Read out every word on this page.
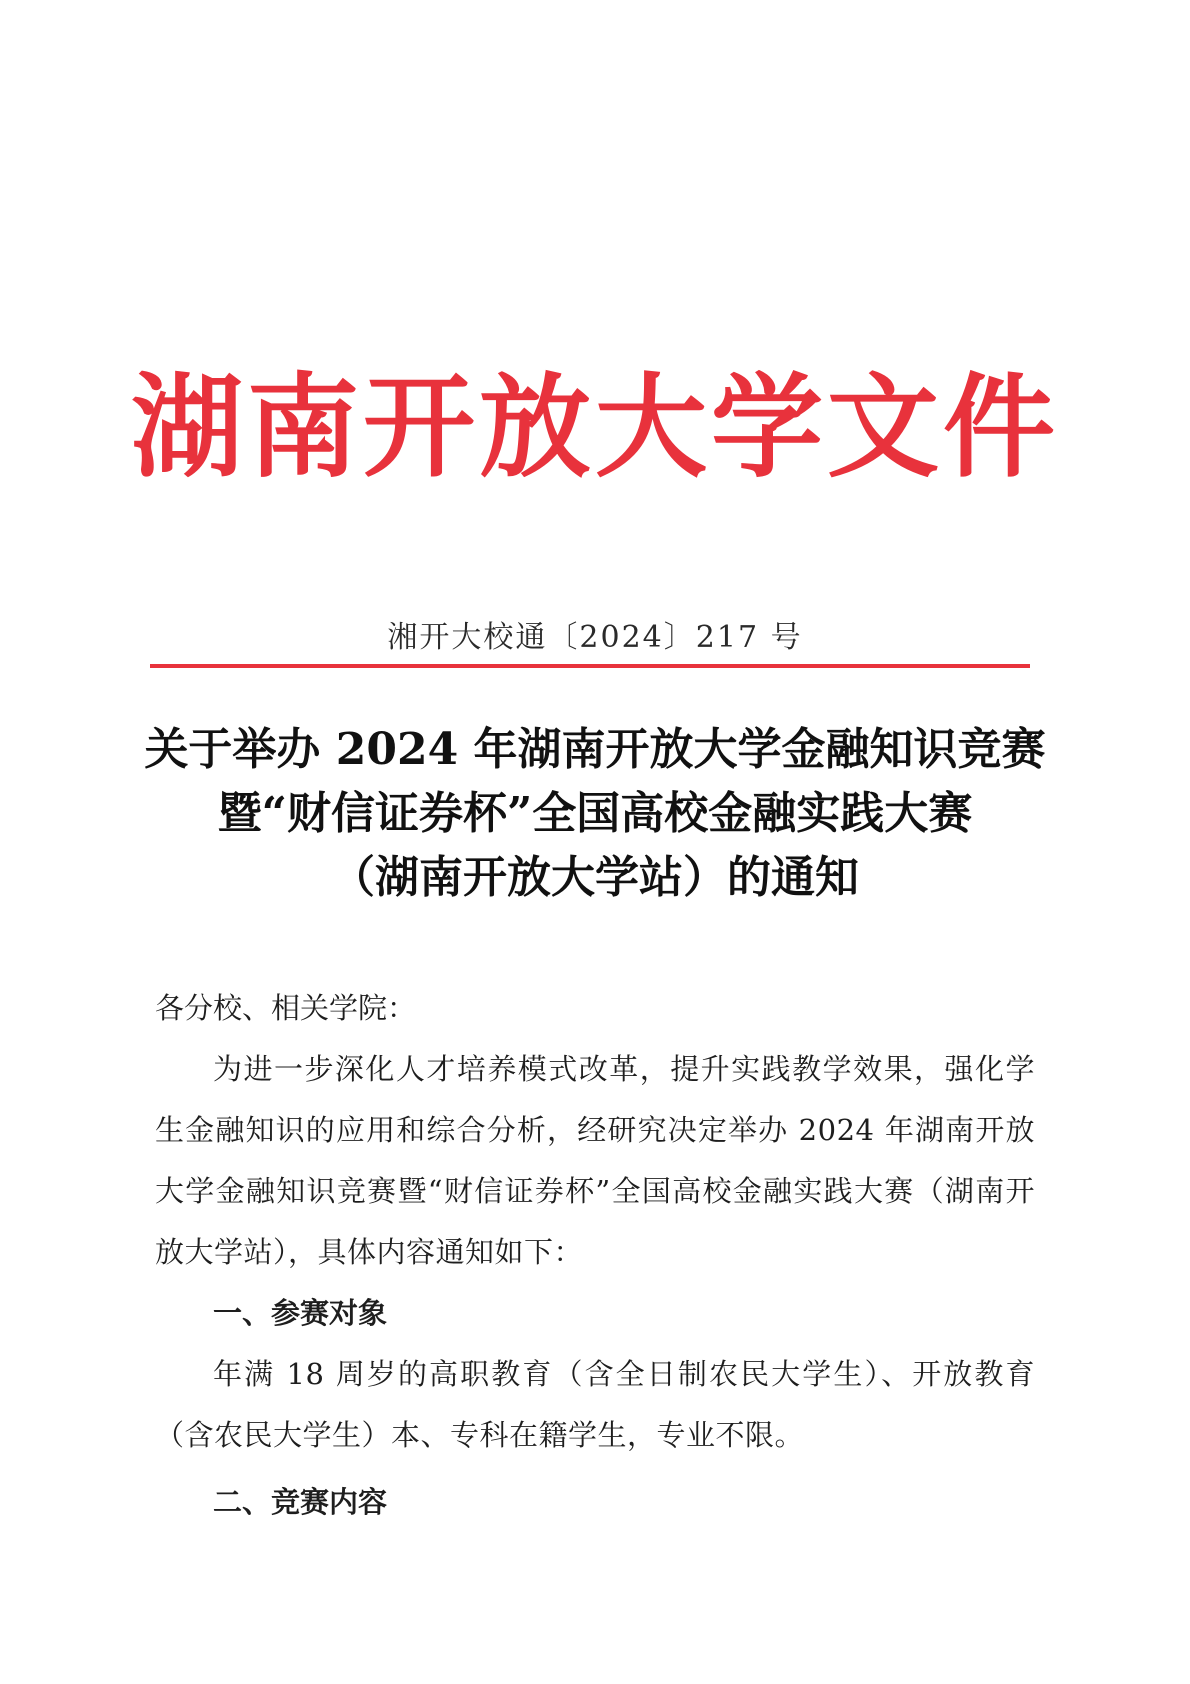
湖南开放大学文件
湘开大校通〔2024〕217 号
关于举办 2024 年湖南开放大学金融知识竞赛
暨“财信证券杯”全国高校金融实践大赛
（湖南开放大学站）的通知

各分校、相关学院：

为进一步深化人才培养模式改革，提升实践教学效果，强化学生金融知识的应用和综合分析，经研究决定举办 2024 年湖南开放大学金融知识竞赛暨“财信证券杯”全国高校金融实践大赛（湖南开放大学站），具体内容通知如下：

一、参赛对象

年满 18 周岁的高职教育（含全日制农民大学生）、开放教育（含农民大学生）本、专科在籍学生，专业不限。

二、竞赛内容
